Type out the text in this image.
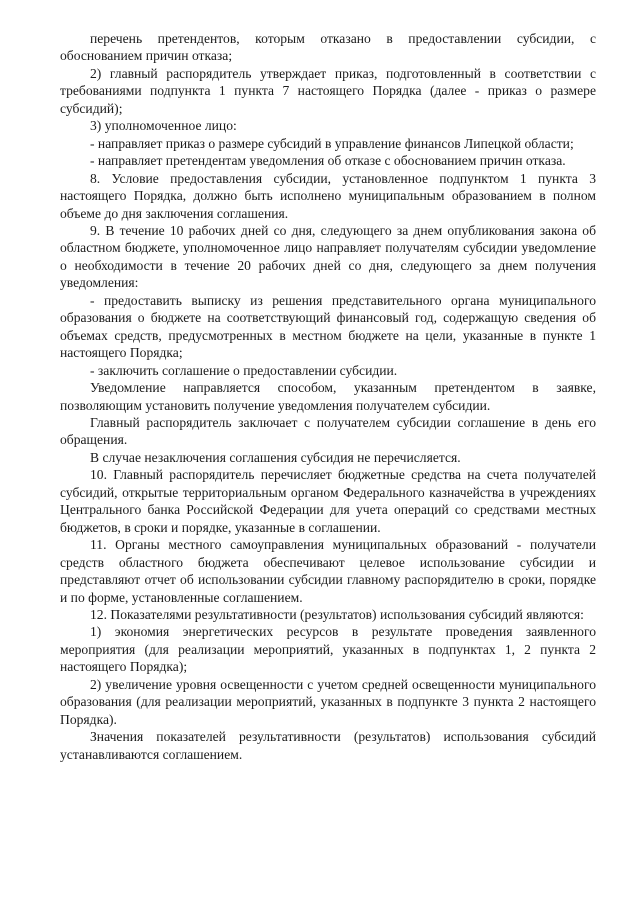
перечень претендентов, которым отказано в предоставлении субсидии, с обоснованием причин отказа;

2) главный распорядитель утверждает приказ, подготовленный в соответствии с требованиями подпункта 1 пункта 7 настоящего Порядка (далее - приказ о размере субсидий);

3) уполномоченное лицо:

- направляет приказ о размере субсидий в управление финансов Липецкой области;

- направляет претендентам уведомления об отказе с обоснованием причин отказа.

8. Условие предоставления субсидии, установленное подпунктом 1 пункта 3 настоящего Порядка, должно быть исполнено муниципальным образованием в полном объеме до дня заключения соглашения.

9. В течение 10 рабочих дней со дня, следующего за днем опубликования закона об областном бюджете, уполномоченное лицо направляет получателям субсидии уведомление о необходимости в течение 20 рабочих дней со дня, следующего за днем получения уведомления:

- предоставить выписку из решения представительного органа муниципального образования о бюджете на соответствующий финансовый год, содержащую сведения об объемах средств, предусмотренных в местном бюджете на цели, указанные в пункте 1 настоящего Порядка;

- заключить соглашение о предоставлении субсидии.

Уведомление направляется способом, указанным претендентом в заявке, позволяющим установить получение уведомления получателем субсидии.

Главный распорядитель заключает с получателем субсидии соглашение в день его обращения.

В случае незаключения соглашения субсидия не перечисляется.

10. Главный распорядитель перечисляет бюджетные средства на счета получателей субсидий, открытые территориальным органом Федерального казначейства в учреждениях Центрального банка Российской Федерации для учета операций со средствами местных бюджетов, в сроки и порядке, указанные в соглашении.

11. Органы местного самоуправления муниципальных образований - получатели средств областного бюджета обеспечивают целевое использование субсидии и представляют отчет об использовании субсидии главному распорядителю в сроки, порядке и по форме, установленные соглашением.

12. Показателями результативности (результатов) использования субсидий являются:

1) экономия энергетических ресурсов в результате проведения заявленного мероприятия (для реализации мероприятий, указанных в подпунктах 1, 2 пункта 2 настоящего Порядка);

2) увеличение уровня освещенности с учетом средней освещенности муниципального образования (для реализации мероприятий, указанных в подпункте 3 пункта 2 настоящего Порядка).

Значения показателей результативности (результатов) использования субсидий устанавливаются соглашением.
